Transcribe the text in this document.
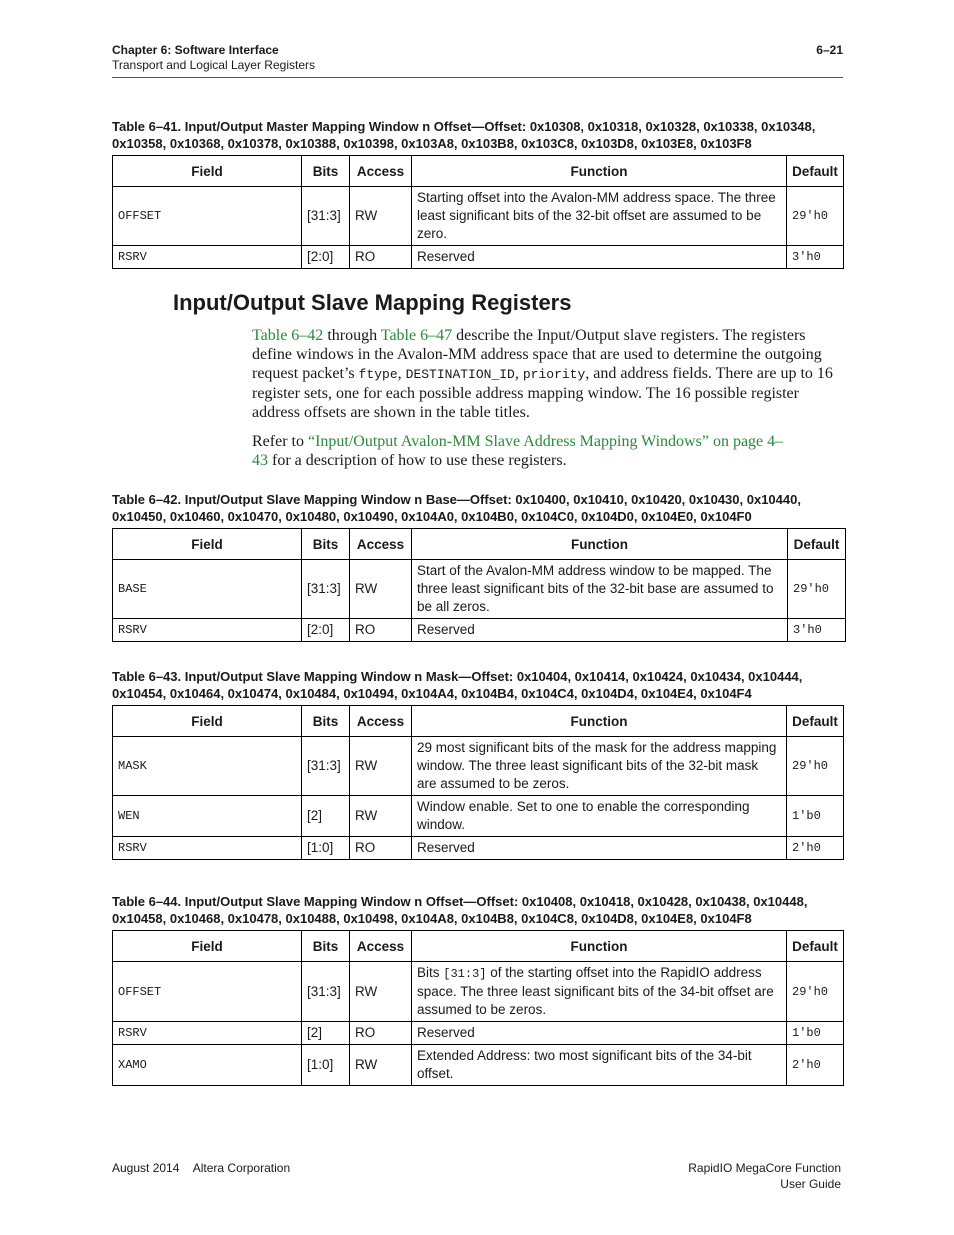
Chapter 6: Software Interface
Transport and Logical Layer Registers
6–21
Table 6–41. Input/Output Master Mapping Window n Offset—Offset: 0x10308, 0x10318, 0x10328, 0x10338, 0x10348,
0x10358, 0x10368, 0x10378, 0x10388, 0x10398, 0x103A8, 0x103B8, 0x103C8, 0x103D8, 0x103E8, 0x103F8
Field	Bits	Access	Function	Default
OFFSET	[31:3]	RW	Starting offset into the Avalon-MM address space. The three least significant bits of the 32-bit offset are assumed to be zero.	29'h0
RSRV	[2:0]	RO	Reserved	3'h0
Input/Output Slave Mapping Registers
Table 6–42 through Table 6–47 describe the Input/Output slave registers. The registers define windows in the Avalon-MM address space that are used to determine the outgoing request packet’s ftype, DESTINATION_ID, priority, and address fields. There are up to 16 register sets, one for each possible address mapping window. The 16 possible register address offsets are shown in the table titles.
Refer to “Input/Output Avalon-MM Slave Address Mapping Windows” on page 4–43 for a description of how to use these registers.
Table 6–42. Input/Output Slave Mapping Window n Base—Offset: 0x10400, 0x10410, 0x10420, 0x10430, 0x10440,
0x10450, 0x10460, 0x10470, 0x10480, 0x10490, 0x104A0, 0x104B0, 0x104C0, 0x104D0, 0x104E0, 0x104F0
Field	Bits	Access	Function	Default
BASE	[31:3]	RW	Start of the Avalon-MM address window to be mapped. The three least significant bits of the 32-bit base are assumed to be all zeros.	29'h0
RSRV	[2:0]	RO	Reserved	3'h0
Table 6–43. Input/Output Slave Mapping Window n Mask—Offset: 0x10404, 0x10414, 0x10424, 0x10434, 0x10444,
0x10454, 0x10464, 0x10474, 0x10484, 0x10494, 0x104A4, 0x104B4, 0x104C4, 0x104D4, 0x104E4, 0x104F4
Field	Bits	Access	Function	Default
MASK	[31:3]	RW	29 most significant bits of the mask for the address mapping window. The three least significant bits of the 32-bit mask are assumed to be zeros.	29'h0
WEN	[2]	RW	Window enable. Set to one to enable the corresponding window.	1'b0
RSRV	[1:0]	RO	Reserved	2'h0
Table 6–44. Input/Output Slave Mapping Window n Offset—Offset: 0x10408, 0x10418, 0x10428, 0x10438, 0x10448,
0x10458, 0x10468, 0x10478, 0x10488, 0x10498, 0x104A8, 0x104B8, 0x104C8, 0x104D8, 0x104E8, 0x104F8
Field	Bits	Access	Function	Default
OFFSET	[31:3]	RW	Bits [31:3] of the starting offset into the RapidIO address space. The three least significant bits of the 34-bit offset are assumed to be zeros.	29'h0
RSRV	[2]	RO	Reserved	1'b0
XAMO	[1:0]	RW	Extended Address: two most significant bits of the 34-bit offset.	2'h0
August 2014 Altera Corporation	RapidIO MegaCore Function
User Guide
